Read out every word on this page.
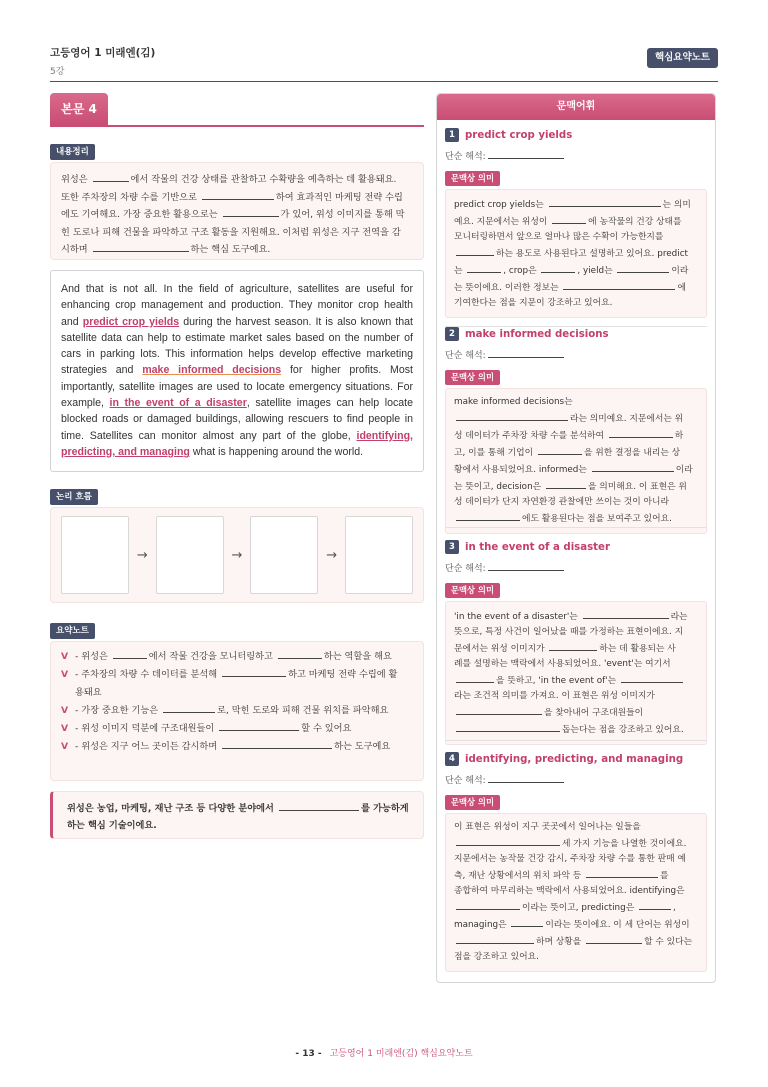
고등영어 1 미래엔(김)
5강
핵심요약노트
본문 4
내용정리
위성은	에서 작물의 건강 상태를 관찰하고 수확량을 예측하는 데 활용돼요.
또한 주차장의 차량 수를 기반으로	하여 효과적인 마케팅 전략 수립
에도 기여해요. 가장 중요한 활용으로는	가 있어, 위성 이미지를 통해 막
힌 도로나 피해 건물을 파악하고 구조 활동을 지원해요. 이처럼 위성은 지구 전역을 감
시하며	하는 핵심 도구예요.
And that is not all. In the field of agriculture, satellites are useful for enhancing crop management and production. They monitor crop health and predict crop yields during the harvest season. It is also known that satellite data can help to estimate market sales based on the number of cars in parking lots. This information helps develop effective marketing strategies and make informed decisions for higher profits. Most importantly, satellite images are used to locate emergency situations. For example, in the event of a disaster, satellite images can help locate blocked roads or damaged buildings, allowing rescuers to find people in time. Satellites can monitor almost any part of the globe, identifying, predicting, and managing what is happening around the world.
논리 흐름
→	→	→
요약노트
V - 위성은	에서 작물 건강을 모니터링하고	하는 역할을 해요
V - 주차장의 차량 수 데이터를 분석해	하고 마케팅 전략 수립에 활
용돼요
V - 가장 중요한 기능은	로, 막힌 도로와 피해 건물 위치를 파악해요
V - 위성 이미지 덕분에 구조대원들이	할 수 있어요
V - 위성은 지구 어느 곳이든 감시하며	하는 도구예요
위성은 농업, 마케팅, 재난 구조 등 다양한 분야에서	를 가능하게
하는 핵심 기술이에요.
문맥어휘
1 predict crop yields
단순 해석:
문맥상 의미
predict crop yields는	는 의미
예요. 지문에서는 위성이	에 농작물의 건강 상태를
모니터링하면서 앞으로 얼마나 많은 수확이 가능한지를
하는 용도로 사용된다고 설명하고 있어요. predict
는	, crop은	, yield는	이라
는 뜻이에요. 이러한 정보는	에
기여한다는 점을 지문이 강조하고 있어요.
2 make informed decisions
단순 해석:
문맥상 의미
make informed decisions는
라는 의미예요. 지문에서는 위
성 데이터가 주차장 차량 수를 분석하여	하
고, 이를 통해 기업이	을 위한 결정을 내리는 상
황에서 사용되었어요. informed는	이라
는 뜻이고, decision은	을 의미해요. 이 표현은 위
성 데이터가 단지 자연환경 관찰에만 쓰이는 것이 아니라
에도 활용된다는 점을 보여주고 있어요.
3 in the event of a disaster
단순 해석:
문맥상 의미
'in the event of a disaster'는	라는
뜻으로, 특정 사건이 일어났을 때를 가정하는 표현이에요. 지
문에서는 위성 이미지가	하는 데 활용되는 사
례를 설명하는 맥락에서 사용되었어요. 'event'는 여기서
을 뜻하고, 'in the event of'는
라는 조건적 의미를 가져요. 이 표현은 위성 이미지가
을 찾아내어 구조대원들이
돕는다는 점을 강조하고 있어요.
4 identifying, predicting, and managing
단순 해석:
문맥상 의미
이 표현은 위성이 지구 곳곳에서 일어나는 일들을
세 가지 기능을 나열한 것이에요.
지문에서는 농작물 건강 감시, 주차장 차량 수를 통한 판매 예
측, 재난 상황에서의 위치 파악 등	를
종합하여 마무리하는 맥락에서 사용되었어요. identifying은
이라는 뜻이고, predicting은	,
managing은	이라는 뜻이에요. 이 세 단어는 위성이
하며 상황을	할 수 있다는
점을 강조하고 있어요.
- 13 - 고등영어 1 미래엔(김) 핵심요약노트
